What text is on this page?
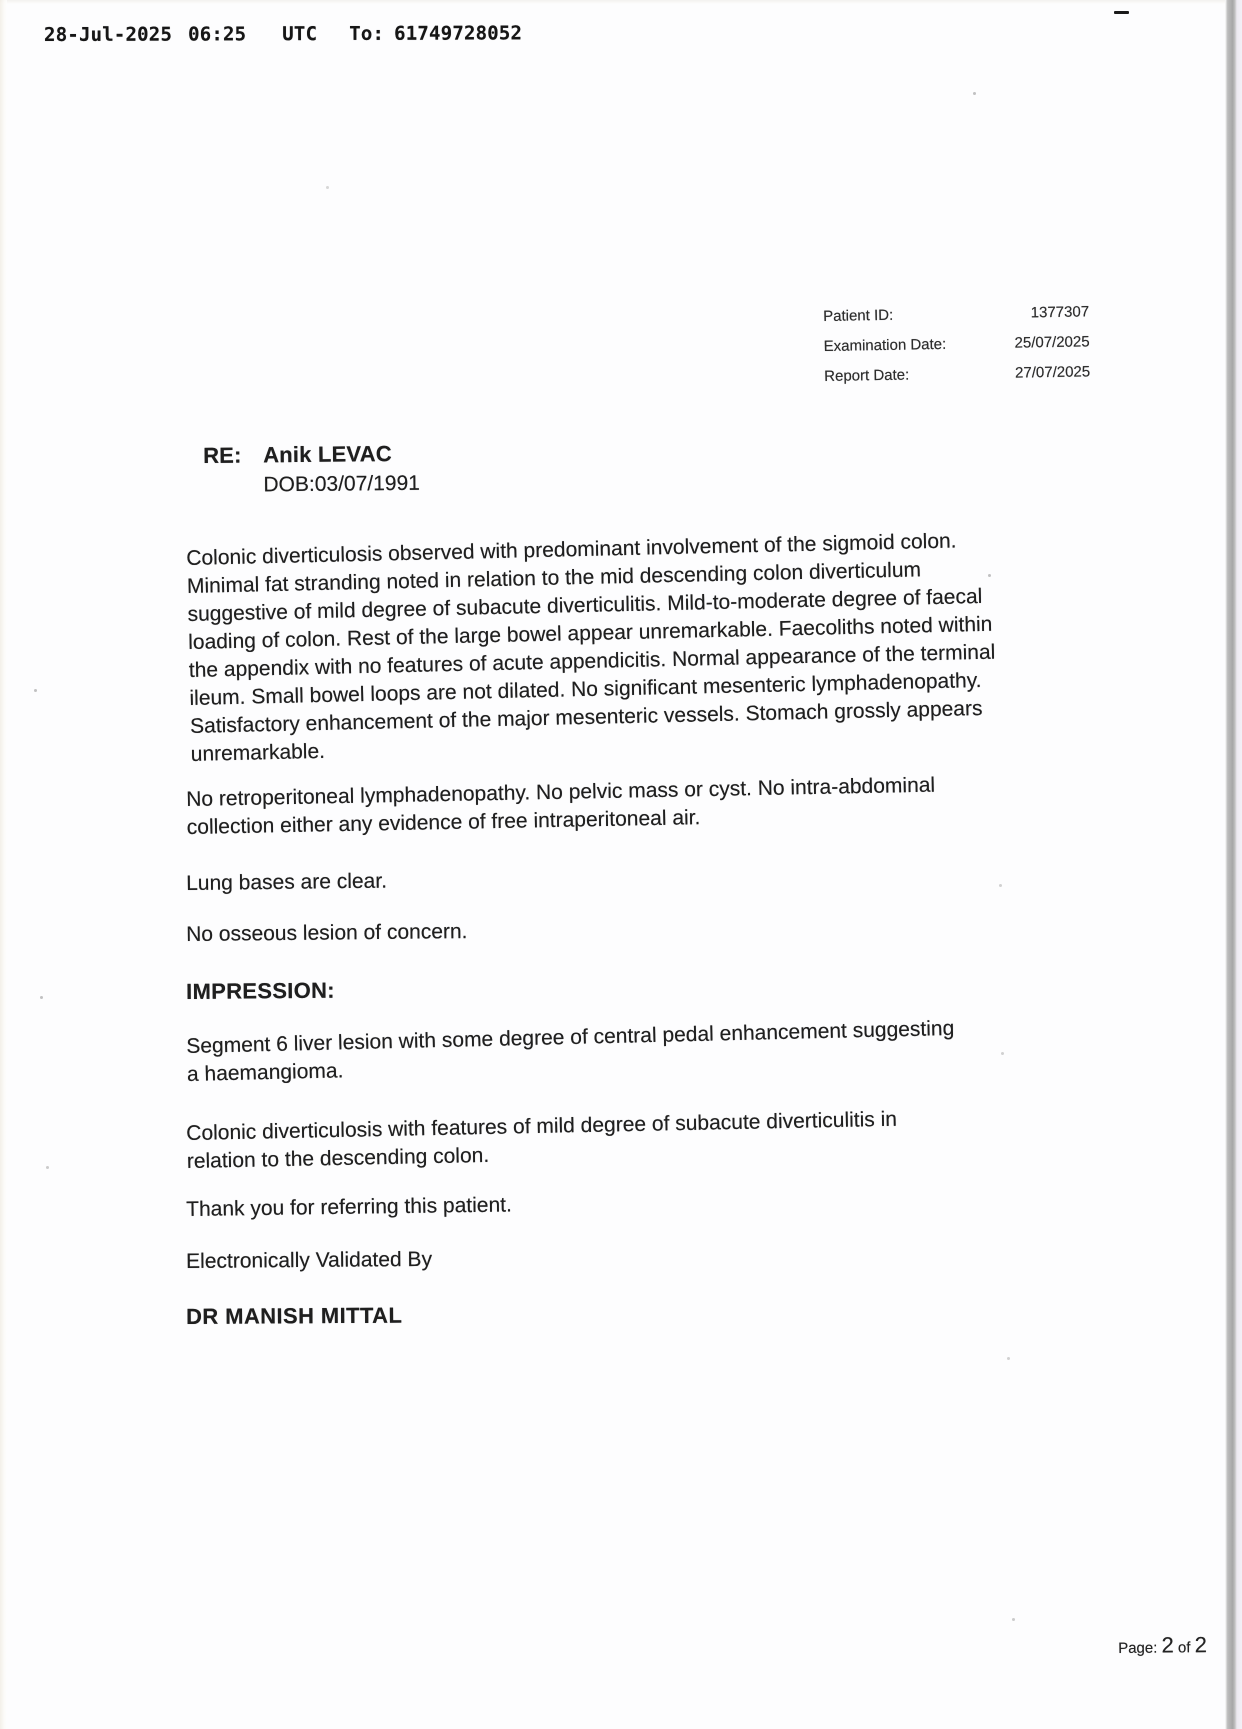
28-Jul-2025 06:25 UTC To: 61749728052
Patient ID:	1377307
Examination Date:	25/07/2025
Report Date:	27/07/2025
RE: Anik LEVAC
DOB:03/07/1991
Colonic diverticulosis observed with predominant involvement of the sigmoid colon.
Minimal fat stranding noted in relation to the mid descending colon diverticulum
suggestive of mild degree of subacute diverticulitis. Mild-to-moderate degree of faecal
loading of colon. Rest of the large bowel appear unremarkable. Faecoliths noted within
the appendix with no features of acute appendicitis. Normal appearance of the terminal
ileum. Small bowel loops are not dilated. No significant mesenteric lymphadenopathy.
Satisfactory enhancement of the major mesenteric vessels. Stomach grossly appears
unremarkable.
No retroperitoneal lymphadenopathy. No pelvic mass or cyst. No intra-abdominal
collection either any evidence of free intraperitoneal air.
Lung bases are clear.
No osseous lesion of concern.
IMPRESSION:
Segment 6 liver lesion with some degree of central pedal enhancement suggesting
a haemangioma.
Colonic diverticulosis with features of mild degree of subacute diverticulitis in
relation to the descending colon.
Thank you for referring this patient.
Electronically Validated By
DR MANISH MITTAL
Page: 2 of 2
